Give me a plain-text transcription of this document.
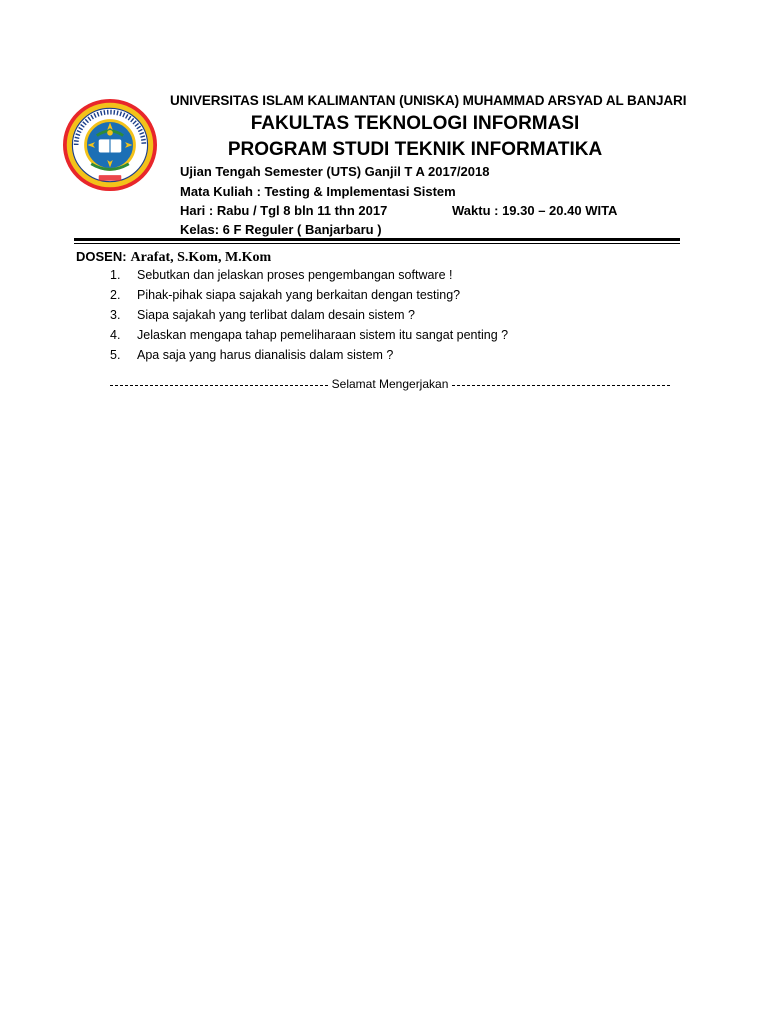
UNIVERSITAS ISLAM KALIMANTAN (UNISKA) MUHAMMAD ARSYAD AL BANJARI
FAKULTAS TEKNOLOGI INFORMASI
PROGRAM STUDI TEKNIK INFORMATIKA
Ujian Tengah Semester (UTS) Ganjil T A 2017/2018
Mata Kuliah : Testing & Implementasi Sistem
Hari : Rabu / Tgl 8 bln 11 thn 2017	Waktu : 19.30 – 20.40 WITA
Kelas: 6 F Reguler ( Banjarbaru )
DOSEN: Arafat, S.Kom, M.Kom
1. Sebutkan dan jelaskan proses pengembangan software !
2. Pihak-pihak siapa sajakah yang berkaitan dengan testing?
3. Siapa sajakah yang terlibat dalam desain sistem ?
4. Jelaskan mengapa tahap pemeliharaan sistem itu sangat penting ?
5. Apa saja yang harus dianalisis dalam sistem ?
Selamat Mengerjakan
